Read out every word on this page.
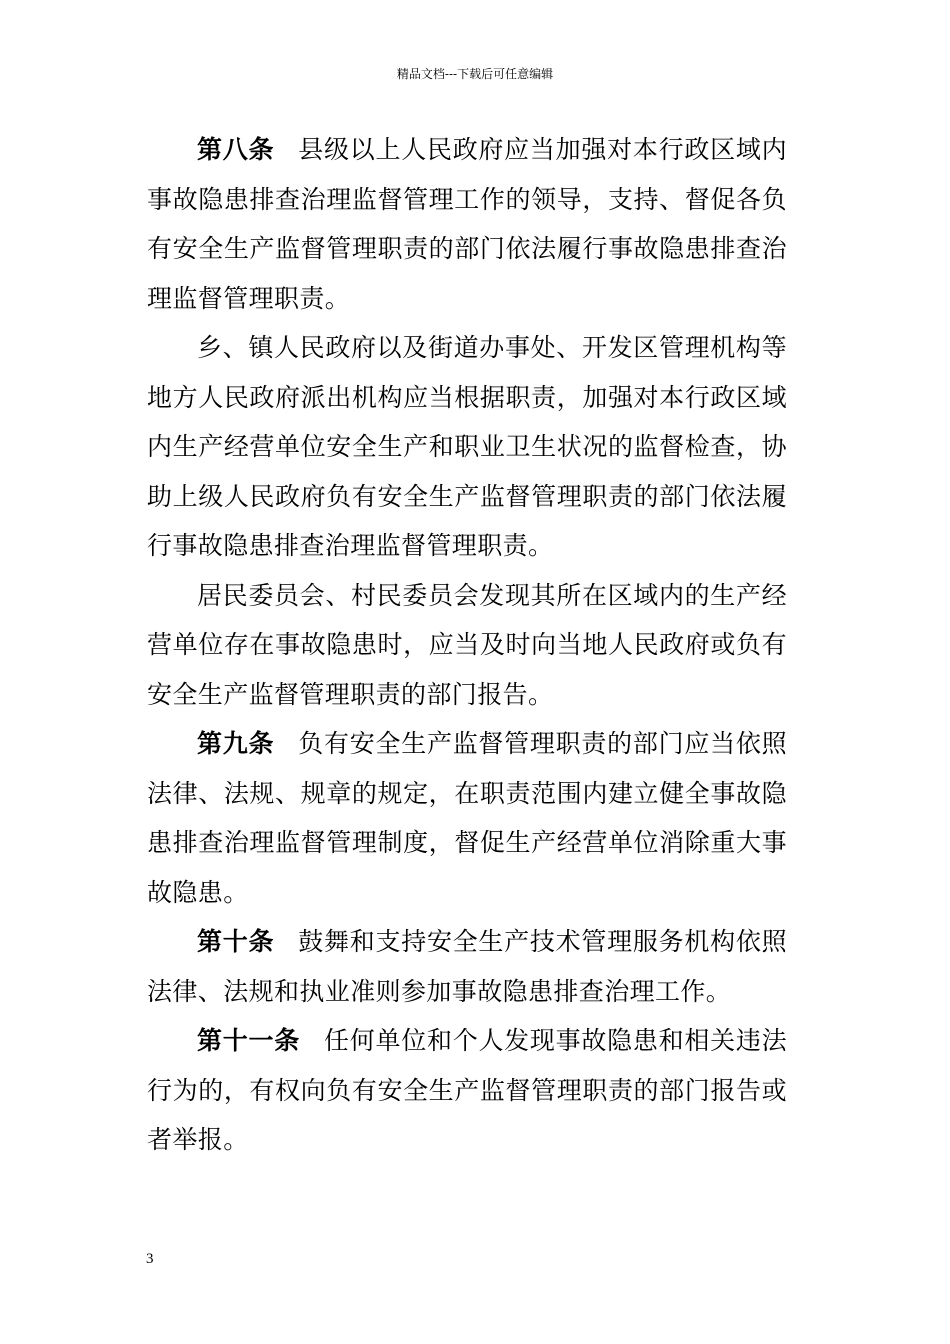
精品文档---下载后可任意编辑

第八条 县级以上人民政府应当加强对本行政区域内事故隐患排查治理监督管理工作的领导，支持、督促各负有安全生产监督管理职责的部门依法履行事故隐患排查治理监督管理职责。

乡、镇人民政府以及街道办事处、开发区管理机构等地方人民政府派出机构应当根据职责，加强对本行政区域内生产经营单位安全生产和职业卫生状况的监督检查，协助上级人民政府负有安全生产监督管理职责的部门依法履行事故隐患排查治理监督管理职责。

居民委员会、村民委员会发现其所在区域内的生产经营单位存在事故隐患时，应当及时向当地人民政府或负有安全生产监督管理职责的部门报告。

第九条 负有安全生产监督管理职责的部门应当依照法律、法规、规章的规定，在职责范围内建立健全事故隐患排查治理监督管理制度，督促生产经营单位消除重大事故隐患。

第十条 鼓舞和支持安全生产技术管理服务机构依照法律、法规和执业准则参加事故隐患排查治理工作。

第十一条 任何单位和个人发现事故隐患和相关违法行为的，有权向负有安全生产监督管理职责的部门报告或者举报。

3
